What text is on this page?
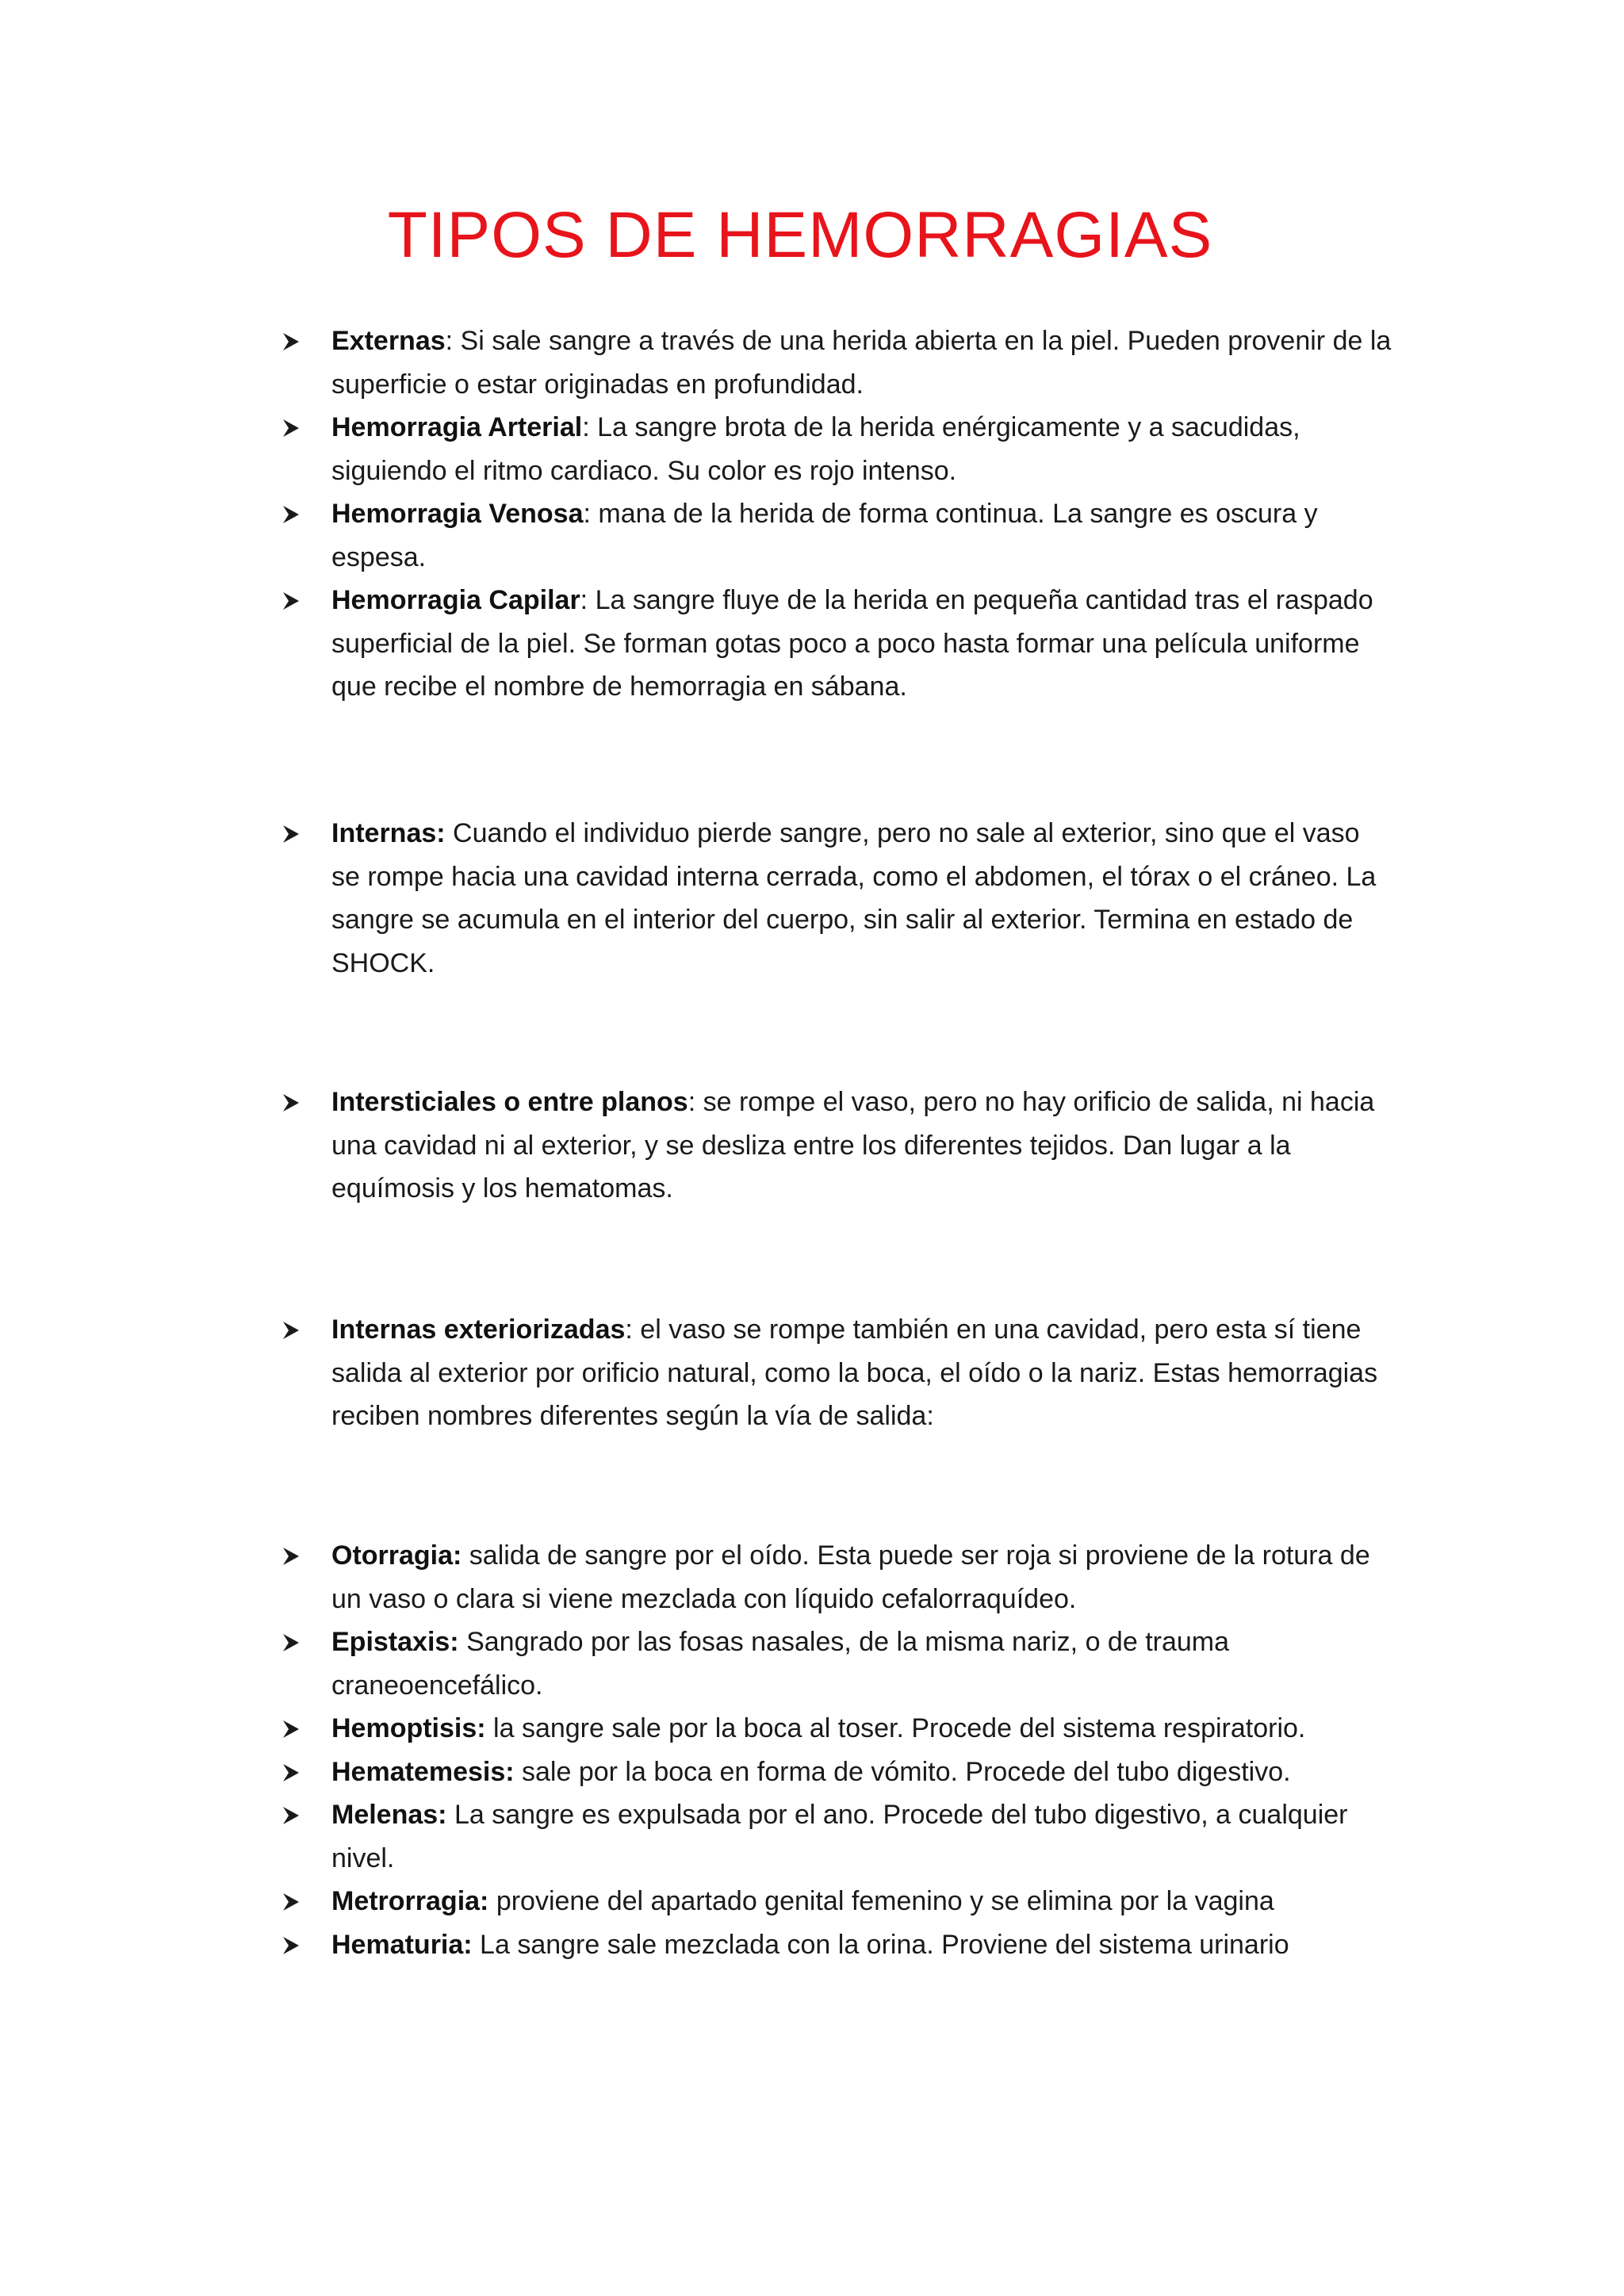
TIPOS DE HEMORRAGIAS
Externas: Si sale sangre a través de una herida abierta en la piel. Pueden provenir de la superficie o estar originadas en profundidad.
Hemorragia Arterial: La sangre brota de la herida enérgicamente y a sacudidas, siguiendo el ritmo cardiaco. Su color es rojo intenso.
Hemorragia Venosa: mana de la herida de forma continua. La sangre es oscura y espesa.
Hemorragia Capilar: La sangre fluye de la herida en pequeña cantidad tras el raspado superficial de la piel. Se forman gotas poco a poco hasta formar una película uniforme que recibe el nombre de hemorragia en sábana.
Internas: Cuando el individuo pierde sangre, pero no sale al exterior, sino que el vaso se rompe hacia una cavidad interna cerrada, como el abdomen, el tórax o el cráneo. La sangre se acumula en el interior del cuerpo, sin salir al exterior. Termina en estado de SHOCK.
Intersticiales o entre planos: se rompe el vaso, pero no hay orificio de salida, ni hacia una cavidad ni al exterior, y se desliza entre los diferentes tejidos. Dan lugar a la equímosis y los hematomas.
Internas exteriorizadas: el vaso se rompe también en una cavidad, pero esta sí tiene salida al exterior por orificio natural, como la boca, el oído o la nariz. Estas hemorragias reciben nombres diferentes según la vía de salida:
Otorragia: salida de sangre por el oído. Esta puede ser roja si proviene de la rotura de un vaso o clara si viene mezclada con líquido cefalorraquídeo.
Epistaxis: Sangrado por las fosas nasales, de la misma nariz, o de trauma craneoencefálico.
Hemoptisis: la sangre sale por la boca al toser. Procede del sistema respiratorio.
Hematemesis: sale por la boca en forma de vómito. Procede del tubo digestivo.
Melenas: La sangre es expulsada por el ano. Procede del tubo digestivo, a cualquier nivel.
Metrorragia: proviene del apartado genital femenino y se elimina por la vagina
Hematuria: La sangre sale mezclada con la orina. Proviene del sistema urinario
